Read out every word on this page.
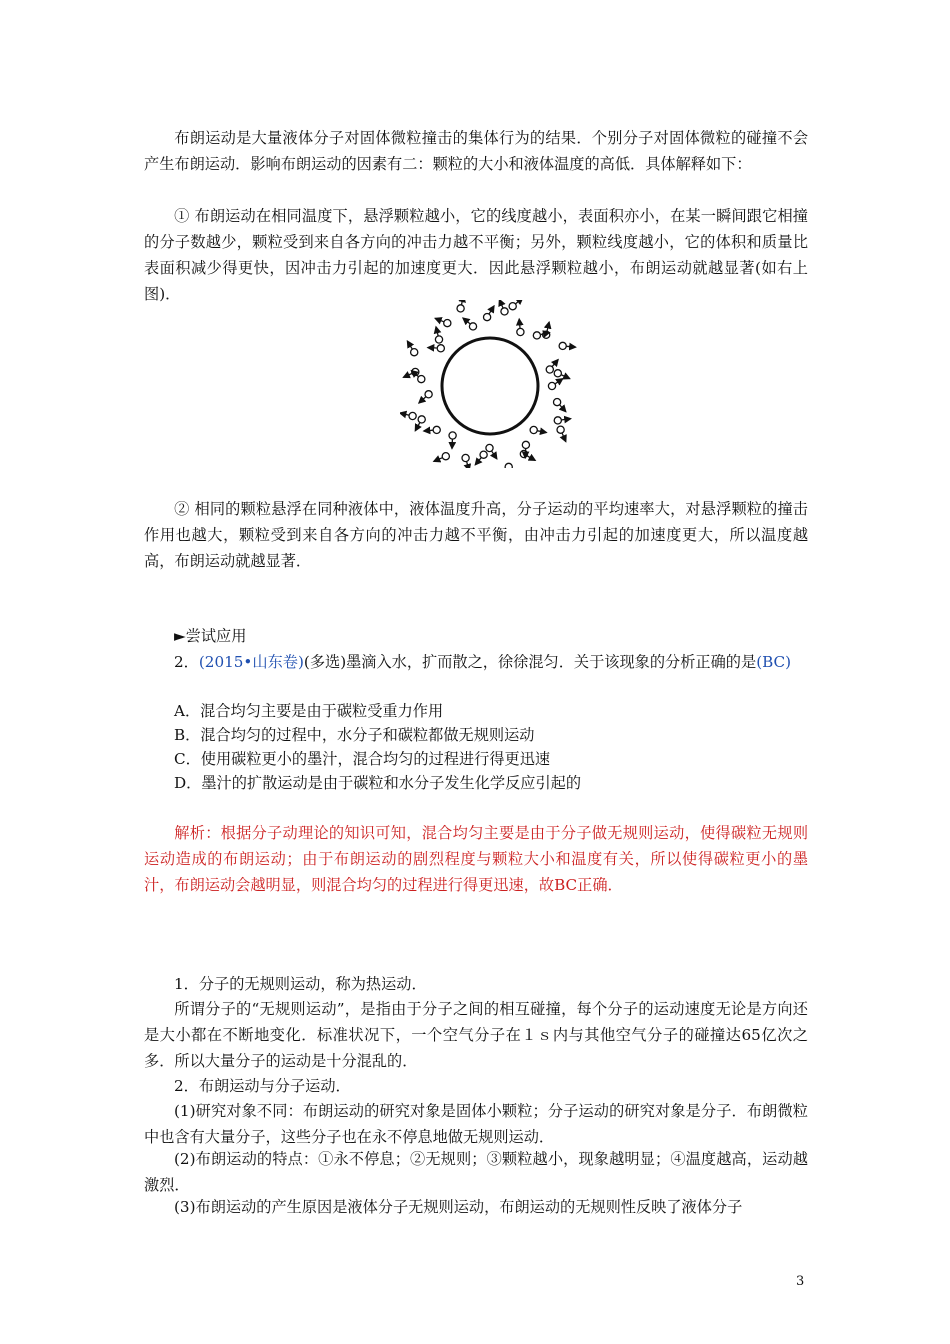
布朗运动是大量液体分子对固体微粒撞击的集体行为的结果．个别分子对固体微粒的碰撞不会产生布朗运动．影响布朗运动的因素有二：颗粒的大小和液体温度的高低．具体解释如下：
① 布朗运动在相同温度下，悬浮颗粒越小，它的线度越小，表面积亦小，在某一瞬间跟它相撞的分子数越少，颗粒受到来自各方向的冲击力越不平衡；另外，颗粒线度越小，它的体积和质量比表面积减少得更快，因冲击力引起的加速度更大．因此悬浮颗粒越小，布朗运动就越显著(如右上图)．
② 相同的颗粒悬浮在同种液体中，液体温度升高，分子运动的平均速率大，对悬浮颗粒的撞击作用也越大，颗粒受到来自各方向的冲击力越不平衡，由冲击力引起的加速度更大，所以温度越高，布朗运动就越显著．
►尝试应用
2．(2015•山东卷)(多选)墨滴入水，扩而散之，徐徐混匀．关于该现象的分析正确的是(BC)
A．混合均匀主要是由于碳粒受重力作用
B．混合均匀的过程中，水分子和碳粒都做无规则运动
C．使用碳粒更小的墨汁，混合均匀的过程进行得更迅速
D．墨汁的扩散运动是由于碳粒和水分子发生化学反应引起的
解析：根据分子动理论的知识可知，混合均匀主要是由于分子做无规则运动，使得碳粒无规则运动造成的布朗运动；由于布朗运动的剧烈程度与颗粒大小和温度有关，所以使得碳粒更小的墨汁，布朗运动会越明显，则混合均匀的过程进行得更迅速，故BC正确．
1．分子的无规则运动，称为热运动．
所谓分子的“无规则运动”，是指由于分子之间的相互碰撞，每个分子的运动速度无论是方向还是大小都在不断地变化．标准状况下，一个空气分子在１ｓ内与其他空气分子的碰撞达65亿次之多．所以大量分子的运动是十分混乱的．
2．布朗运动与分子运动．
(1)研究对象不同：布朗运动的研究对象是固体小颗粒；分子运动的研究对象是分子．布朗微粒中也含有大量分子，这些分子也在永不停息地做无规则运动．
(2)布朗运动的特点：①永不停息；②无规则；③颗粒越小，现象越明显；④温度越高，运动越激烈．
(3)布朗运动的产生原因是液体分子无规则运动，布朗运动的无规则性反映了液体分子
3
